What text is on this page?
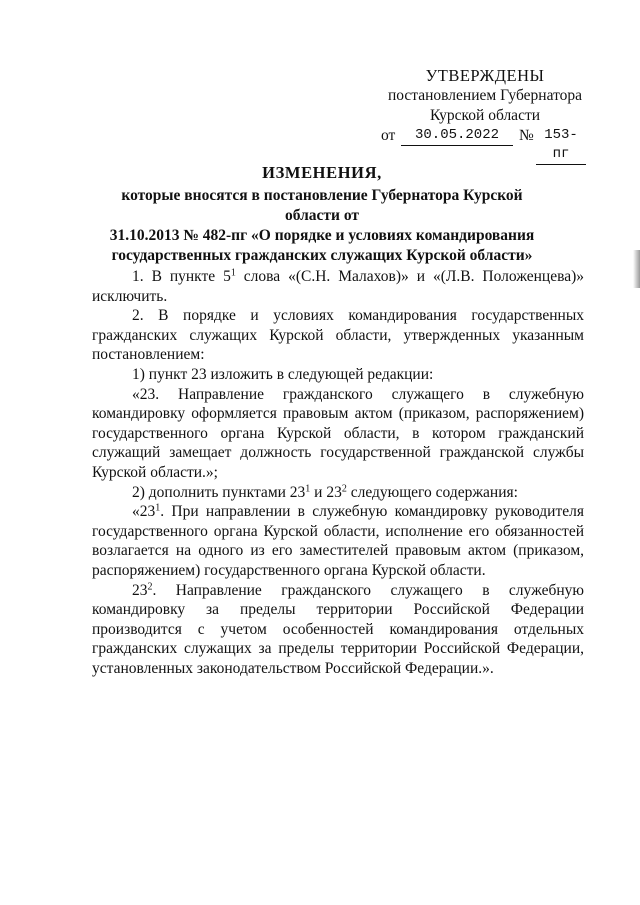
УТВЕРЖДЕНЫ
постановлением Губернатора
Курской области
от	30.05.2022	№ 153-пг
ИЗМЕНЕНИЯ,
которые вносятся в постановление Губернатора Курской области от
31.10.2013 № 482-пг «О порядке и условиях командирования
государственных гражданских служащих Курской области»

1. В пункте $5^1$ слова «(С.Н. Малахов)» и «(Л.В. Положенцева)» исключить.

2. В порядке и условиях командирования государственных гражданских служащих Курской области, утвержденных указанным постановлением:

1) пункт 23 изложить в следующей редакции:

«23. Направление гражданского служащего в служебную командировку оформляется правовым актом (приказом, распоряжением) государственного органа Курской области, в котором гражданский служащий замещает должность государственной гражданской службы Курской области.»;

2) дополнить пунктами $23^1$ и $23^2$ следующего содержания:

«$23^1$. При направлении в служебную командировку руководителя государственного органа Курской области, исполнение его обязанностей возлагается на одного из его заместителей правовым актом (приказом, распоряжением) государственного органа Курской области.

$23^2$. Направление гражданского служащего в служебную командировку за пределы территории Российской Федерации производится с учетом особенностей командирования отдельных гражданских служащих за пределы территории Российской Федерации, установленных законодательством Российской Федерации.».
